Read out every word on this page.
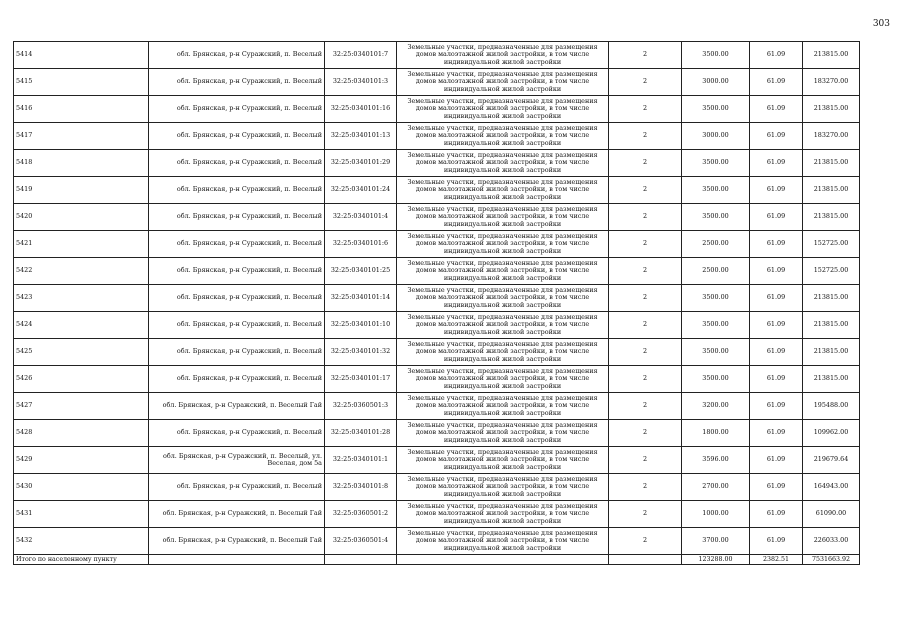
303
5414	обл. Брянская, р-н Суражский, п. Веселый	32:25:0340101:7	Земельные участки, предназначенные для размещения домов малоэтажной жилой застройки, в том числе индивидуальной жилой застройки	2	3500.00	61.09	213815.00
5415	обл. Брянская, р-н Суражский, п. Веселый	32:25:0340101:3	Земельные участки, предназначенные для размещения домов малоэтажной жилой застройки, в том числе индивидуальной жилой застройки	2	3000.00	61.09	183270.00
5416	обл. Брянская, р-н Суражский, п. Веселый	32:25:0340101:16	Земельные участки, предназначенные для размещения домов малоэтажной жилой застройки, в том числе индивидуальной жилой застройки	2	3500.00	61.09	213815.00
5417	обл. Брянская, р-н Суражский, п. Веселый	32:25:0340101:13	Земельные участки, предназначенные для размещения домов малоэтажной жилой застройки, в том числе индивидуальной жилой застройки	2	3000.00	61.09	183270.00
5418	обл. Брянская, р-н Суражский, п. Веселый	32:25:0340101:29	Земельные участки, предназначенные для размещения домов малоэтажной жилой застройки, в том числе индивидуальной жилой застройки	2	3500.00	61.09	213815.00
5419	обл. Брянская, р-н Суражский, п. Веселый	32:25:0340101:24	Земельные участки, предназначенные для размещения домов малоэтажной жилой застройки, в том числе индивидуальной жилой застройки	2	3500.00	61.09	213815.00
5420	обл. Брянская, р-н Суражский, п. Веселый	32:25:0340101:4	Земельные участки, предназначенные для размещения домов малоэтажной жилой застройки, в том числе индивидуальной жилой застройки	2	3500.00	61.09	213815.00
5421	обл. Брянская, р-н Суражский, п. Веселый	32:25:0340101:6	Земельные участки, предназначенные для размещения домов малоэтажной жилой застройки, в том числе индивидуальной жилой застройки	2	2500.00	61.09	152725.00
5422	обл. Брянская, р-н Суражский, п. Веселый	32:25:0340101:25	Земельные участки, предназначенные для размещения домов малоэтажной жилой застройки, в том числе индивидуальной жилой застройки	2	2500.00	61.09	152725.00
5423	обл. Брянская, р-н Суражский, п. Веселый	32:25:0340101:14	Земельные участки, предназначенные для размещения домов малоэтажной жилой застройки, в том числе индивидуальной жилой застройки	2	3500.00	61.09	213815.00
5424	обл. Брянская, р-н Суражский, п. Веселый	32:25:0340101:10	Земельные участки, предназначенные для размещения домов малоэтажной жилой застройки, в том числе индивидуальной жилой застройки	2	3500.00	61.09	213815.00
5425	обл. Брянская, р-н Суражский, п. Веселый	32:25:0340101:32	Земельные участки, предназначенные для размещения домов малоэтажной жилой застройки, в том числе индивидуальной жилой застройки	2	3500.00	61.09	213815.00
5426	обл. Брянская, р-н Суражский, п. Веселый	32:25:0340101:17	Земельные участки, предназначенные для размещения домов малоэтажной жилой застройки, в том числе индивидуальной жилой застройки	2	3500.00	61.09	213815.00
5427	обл. Брянская, р-н Суражский, п. Веселый Гай	32:25:0360501:3	Земельные участки, предназначенные для размещения домов малоэтажной жилой застройки, в том числе индивидуальной жилой застройки	2	3200.00	61.09	195488.00
5428	обл. Брянская, р-н Суражский, п. Веселый	32:25:0340101:28	Земельные участки, предназначенные для размещения домов малоэтажной жилой застройки, в том числе индивидуальной жилой застройки	2	1800.00	61.09	109962.00
5429	обл. Брянская, р-н Суражский, п. Веселый, ул. Веселая, дом 5а	32:25:0340101:1	Земельные участки, предназначенные для размещения домов малоэтажной жилой застройки, в том числе индивидуальной жилой застройки	2	3596.00	61.09	219679.64
5430	обл. Брянская, р-н Суражский, п. Веселый	32:25:0340101:8	Земельные участки, предназначенные для размещения домов малоэтажной жилой застройки, в том числе индивидуальной жилой застройки	2	2700.00	61.09	164943.00
5431	обл. Брянская, р-н Суражский, п. Веселый Гай	32:25:0360501:2	Земельные участки, предназначенные для размещения домов малоэтажной жилой застройки, в том числе индивидуальной жилой застройки	2	1000.00	61.09	61090.00
5432	обл. Брянская, р-н Суражский, п. Веселый Гай	32:25:0360501:4	Земельные участки, предназначенные для размещения домов малоэтажной жилой застройки, в том числе индивидуальной жилой застройки	2	3700.00	61.09	226033.00
Итого по населенному пункту					123288.00	2382.51	7531663.92
